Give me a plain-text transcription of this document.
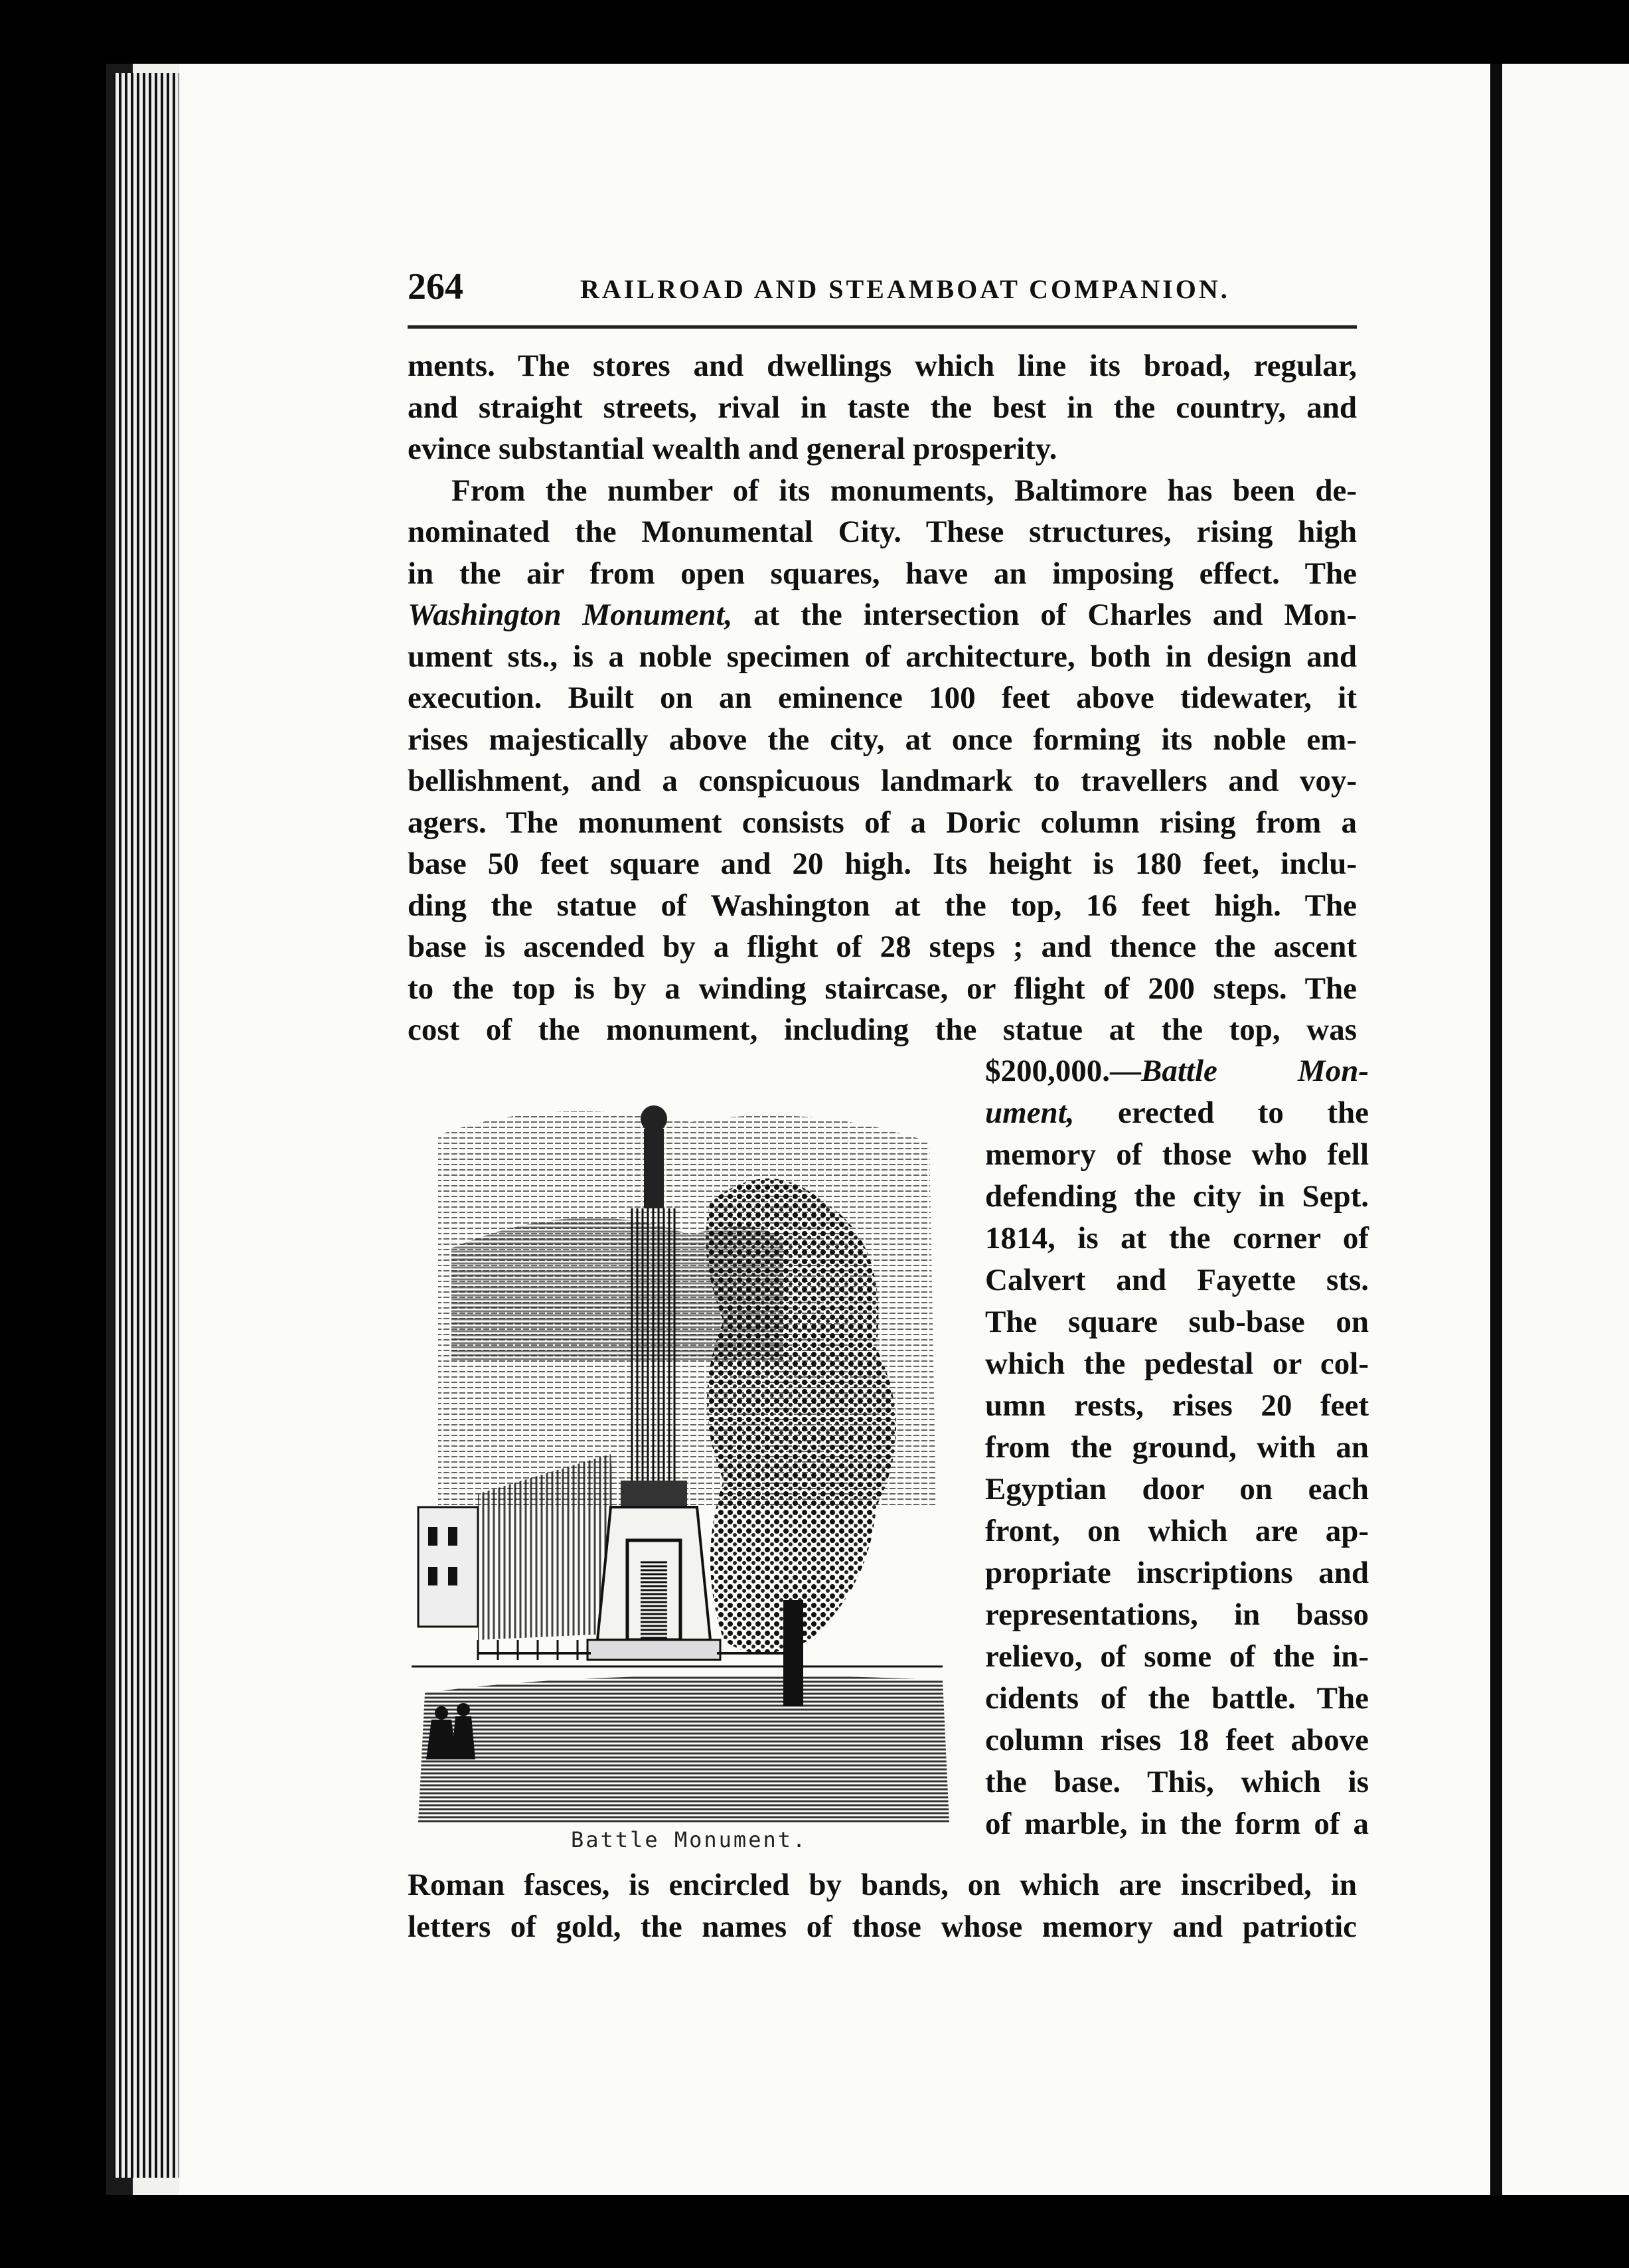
264	RAILROAD AND STEAMBOAT COMPANION.
ments. The stores and dwellings which line its broad, regular,
and straight streets, rival in taste the best in the country, and
evince substantial wealth and general prosperity.
From the number of its monuments, Baltimore has been de-
nominated the Monumental City. These structures, rising high
in the air from open squares, have an imposing effect. The
Washington Monument, at the intersection of Charles and Mon-
ument sts., is a noble specimen of architecture, both in design and
execution. Built on an eminence 100 feet above tidewater, it
rises majestically above the city, at once forming its noble em-
bellishment, and a conspicuous landmark to travellers and voy-
agers. The monument consists of a Doric column rising from a
base 50 feet square and 20 high. Its height is 180 feet, inclu-
ding the statue of Washington at the top, 16 feet high. The
base is ascended by a flight of 28 steps ; and thence the ascent
to the top is by a winding staircase, or flight of 200 steps. The
cost of the monument, including the statue at the top, was
$200,000.—Battle Mon-
ument, erected to the
memory of those who fell
defending the city in Sept.
1814, is at the corner of
Calvert and Fayette sts.
The square sub-base on
which the pedestal or col-
umn rests, rises 20 feet
from the ground, with an
Egyptian door on each
front, on which are ap-
propriate inscriptions and
representations, in basso
relievo, of some of the in-
cidents of the battle. The
column rises 18 feet above
the base. This, which is
of marble, in the form of a
Battle Monument.
Roman fasces, is encircled by bands, on which are inscribed, in
letters of gold, the names of those whose memory and patriotic
